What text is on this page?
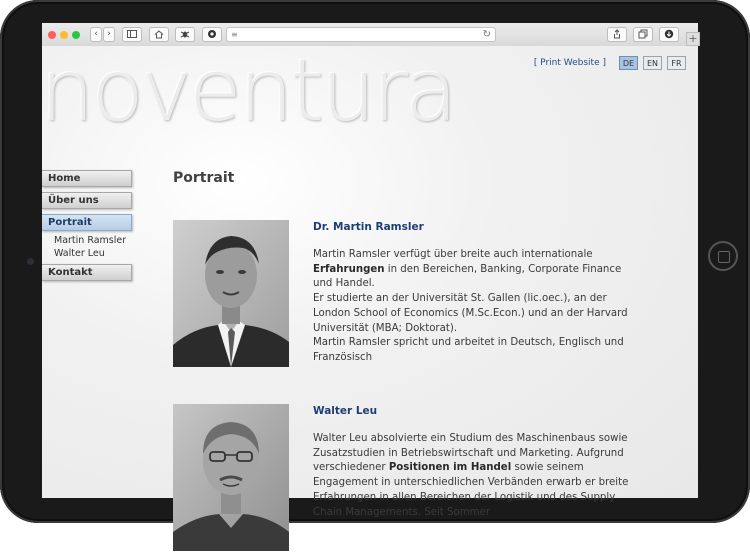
‹	›	≡	↻	+
noventura	[ Print Website ]	DE	EN	FR
Home
Über uns
Portrait
Martin Ramsler
Walter Leu
Kontakt
Portrait
Dr. Martin Ramsler

Martin Ramsler verfügt über breite auch internationale Erfahrungen in den Bereichen, Banking, Corporate Finance und Handel.

Er studierte an der Universität St. Gallen (lic.oec.), an der London School of Economics (M.Sc.Econ.) und an der Harvard Universität (MBA; Doktorat).

Martin Ramsler spricht und arbeitet in Deutsch, Englisch und Französisch

Walter Leu

Walter Leu absolvierte ein Studium des Maschinenbaus sowie Zusatzstudien in Betriebswirtschaft und Marketing. Aufgrund verschiedener Positionen im Handel sowie seinem Engagement in unterschiedlichen Verbänden erwarb er breite Erfahrungen in allen Bereichen der Logistik und des Supply Chain Managements. Seit Sommer
